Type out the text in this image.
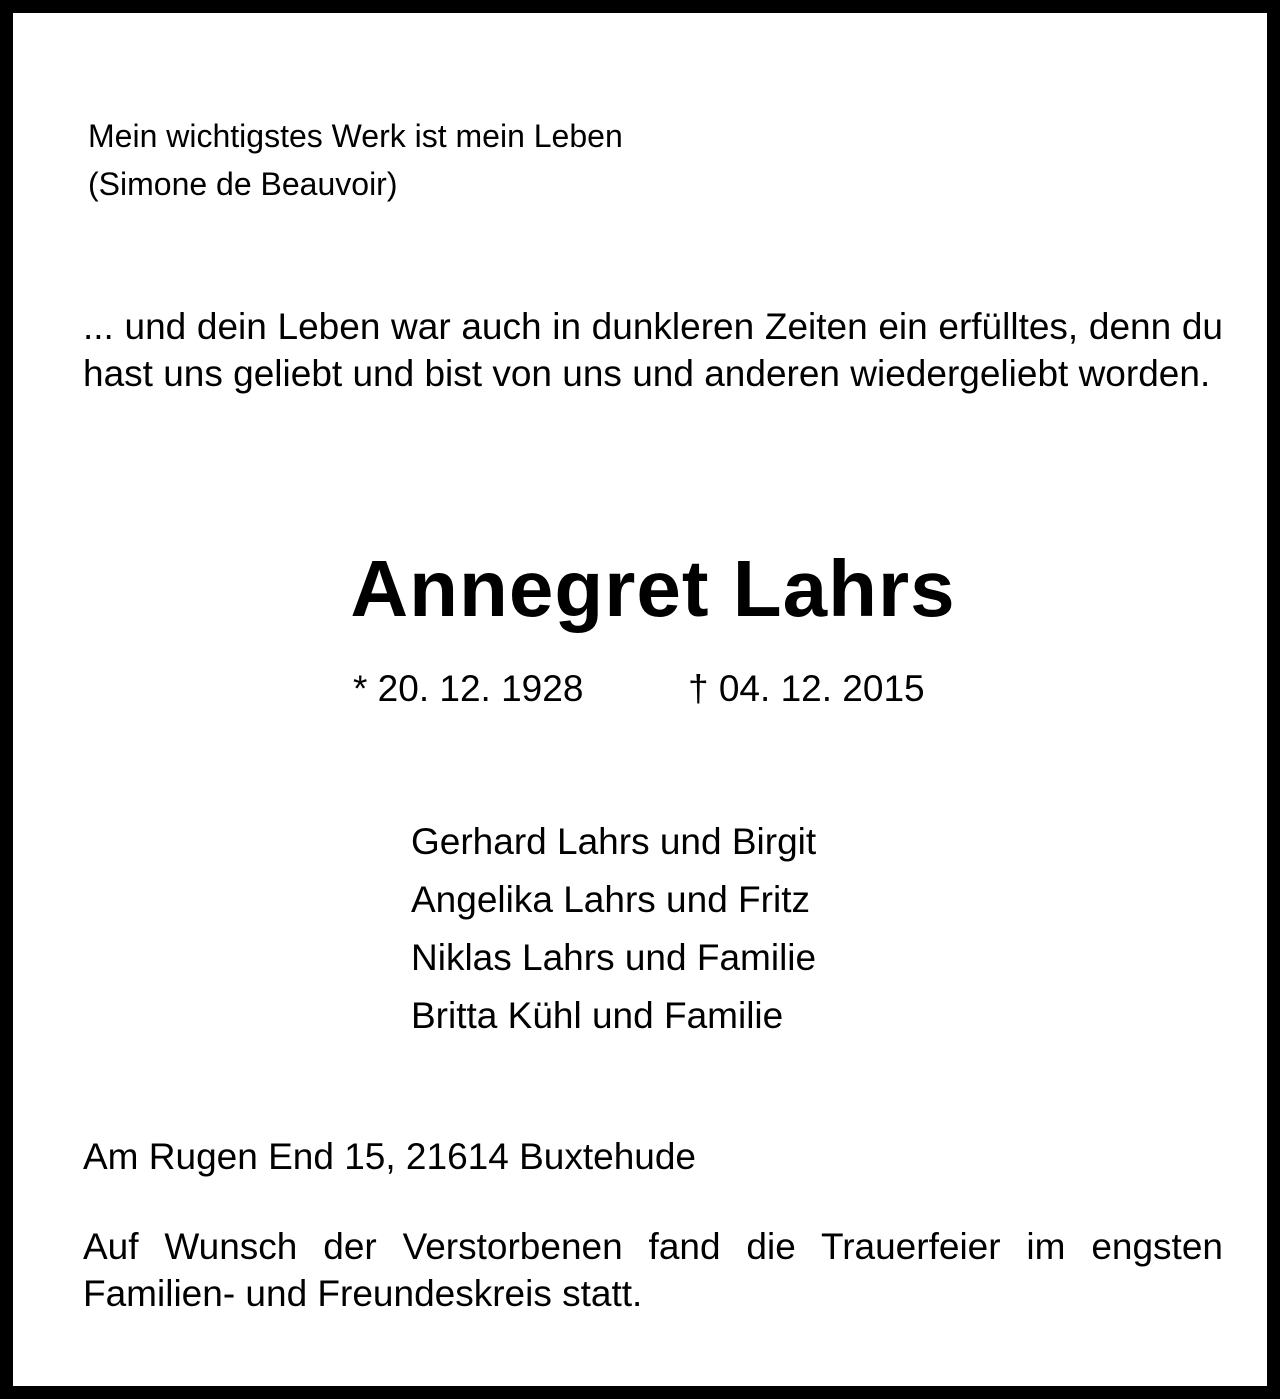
Mein wichtigstes Werk ist mein Leben

(Simone de Beauvoir)

... und dein Leben war auch in dunkleren Zeiten ein erfülltes, denn du hast uns geliebt und bist von uns und anderen wiedergeliebt worden.

Annegret Lahrs
* 20. 12. 1928	† 04. 12. 2015
Gerhard Lahrs und Birgit
Angelika Lahrs und Fritz
Niklas Lahrs und Familie
Britta Kühl und Familie
Am Rugen End 15, 21614 Buxtehude

Auf Wunsch der Verstorbenen fand die Trauerfeier im engsten

Familien- und Freundeskreis statt.
